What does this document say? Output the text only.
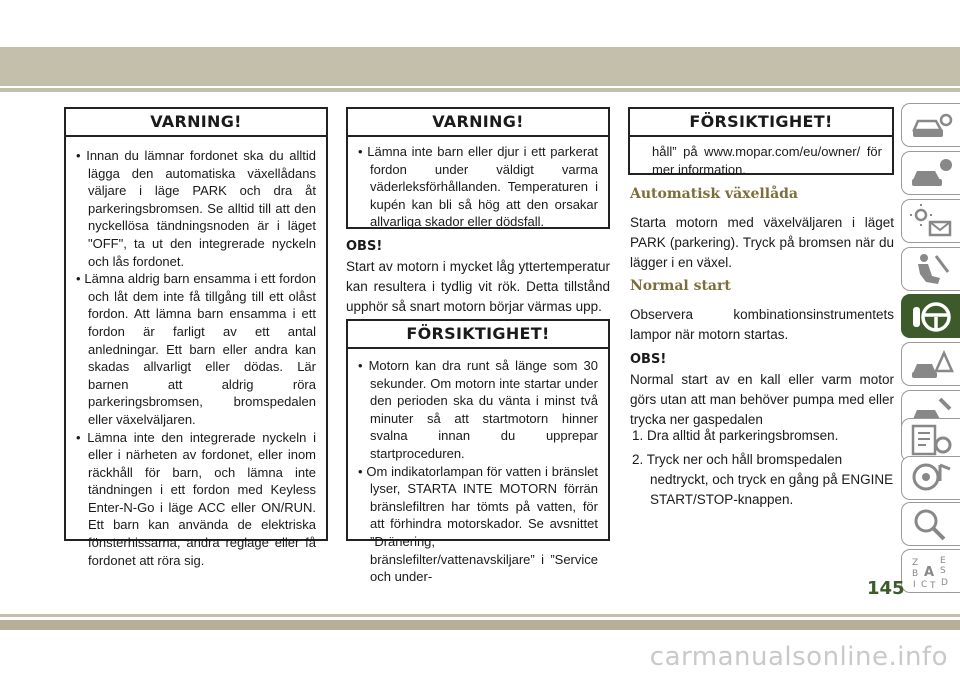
VARNING!
• Innan du lämnar fordonet ska du alltid lägga den automatiska växellådans väljare i läge PARK och dra åt parkeringsbromsen. Se alltid till att den nyckellösa tändningsnoden är i läget "OFF", ta ut den integrerade nyckeln och lås fordonet.
• Lämna aldrig barn ensamma i ett fordon och låt dem inte få tillgång till ett olåst fordon. Att lämna barn ensamma i ett fordon är farligt av ett antal anledningar. Ett barn eller andra kan skadas allvarligt eller dödas. Lär barnen att aldrig röra parkeringsbromsen, bromspedalen eller växelväljaren.
• Lämna inte den integrerade nyckeln i eller i närheten av fordonet, eller inom räckhåll för barn, och lämna inte tändningen i ett fordon med Keyless Enter-N-Go i läge ACC eller ON/RUN. Ett barn kan använda de elektriska fönsterhissarna, andra reglage eller få fordonet att röra sig.
VARNING!
• Lämna inte barn eller djur i ett parkerat fordon under väldigt varma väderleksförhållanden. Temperaturen i kupén kan bli så hög att den orsakar allvarliga skador eller dödsfall.
OBS!
Start av motorn i mycket låg yttertemperatur kan resultera i tydlig vit rök. Detta tillstånd upphör så snart motorn börjar värmas upp.
FÖRSIKTIGHET!
• Motorn kan dra runt så länge som 30 sekunder. Om motorn inte startar under den perioden ska du vänta i minst två minuter så att startmotorn hinner svalna innan du upprepar startproceduren.
• Om indikatorlampan för vatten i bränslet lyser, STARTA INTE MOTORN förrän bränslefiltren har tömts på vatten, för att förhindra motorskador. Se avsnittet ”Dränering, bränslefilter/vattenavskiljare” i ”Service och under-
FÖRSIKTIGHET!

håll” på www.mopar.com/eu/owner/ för mer information.

Automatisk växellåda
Starta motorn med växelväljaren i läget PARK (parkering). Tryck på bromsen när du lägger i en växel.
Normal start
Observera kombinationsinstrumentets lampor när motorn startas.
OBS!
Normal start av en kall eller varm motor görs utan att man behöver pumpa med eller trycka ner gaspedalen
1. Dra alltid åt parkeringsbromsen.
2. Tryck ner och håll bromspedalen nedtryckt, och tryck en gång på ENGINE START/STOP-knappen.
Z E
B S
A
I C T D
145
carmanualsonline.info
